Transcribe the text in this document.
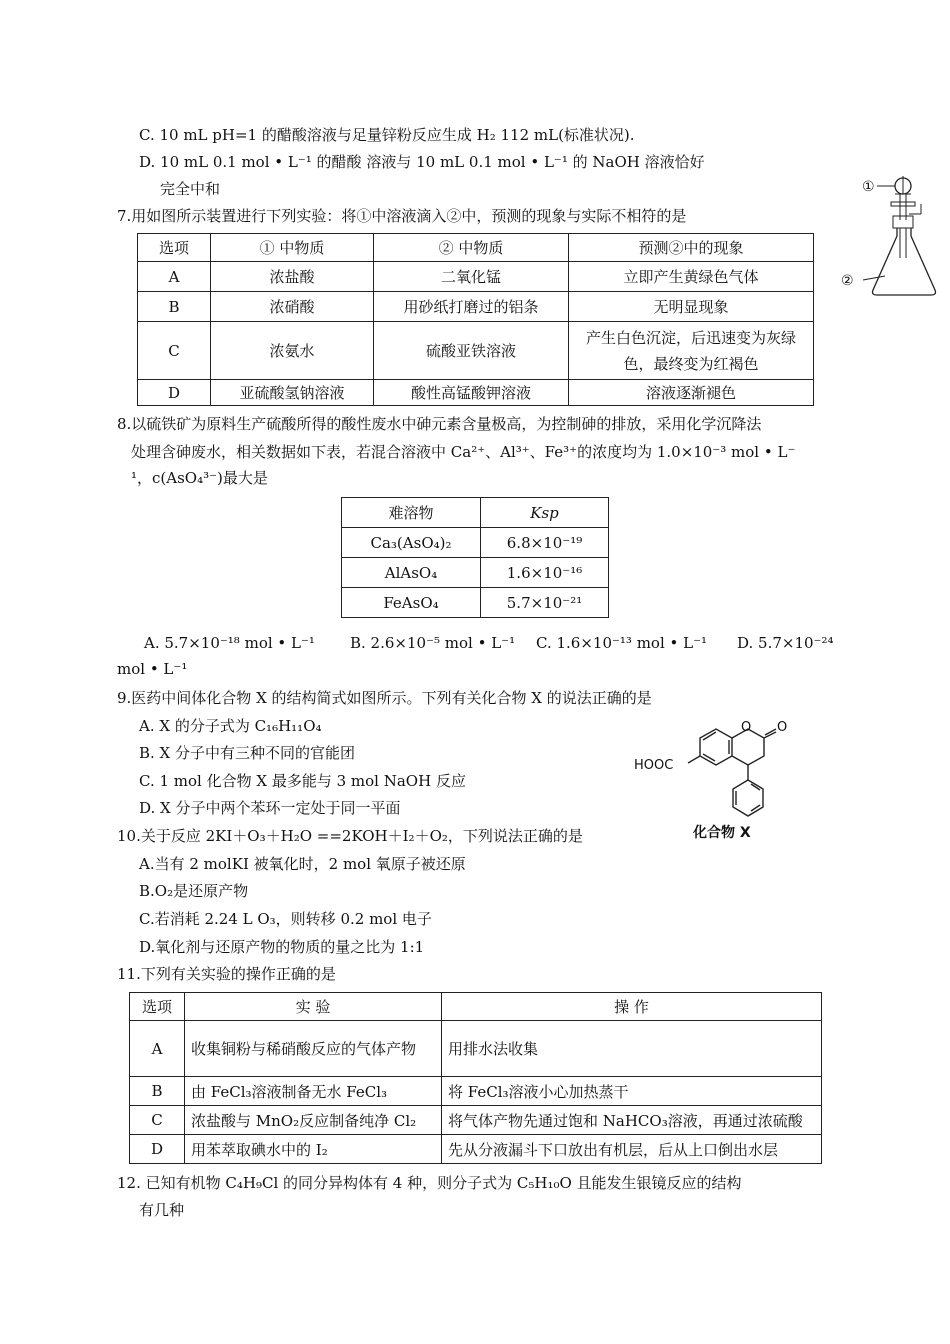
C. 10 mL pH=1 的醋酸溶液与足量锌粉反应生成 H₂ 112 mL(标准状况).
D. 10 mL 0.1 mol • L⁻¹ 的醋酸 溶液与 10 mL 0.1 mol • L⁻¹ 的 NaOH 溶液恰好
完全中和
7.用如图所示装置进行下列实验：将①中溶液滴入②中，预测的现象与实际不相符的是
①
②
选项	① 中物质	② 中物质	预测②中的现象
A	浓盐酸	二氧化锰	立即产生黄绿色气体
B	浓硝酸	用砂纸打磨过的铝条	无明显现象
C	浓氨水	硫酸亚铁溶液	产生白色沉淀，后迅速变为灰绿色，最终变为红褐色
D	亚硫酸氢钠溶液	酸性高锰酸钾溶液	溶液逐渐褪色
8.以硫铁矿为原料生产硫酸所得的酸性废水中砷元素含量极高，为控制砷的排放，采用化学沉降法
处理含砷废水，相关数据如下表，若混合溶液中 Ca²⁺、Al³⁺、Fe³⁺的浓度均为 1.0×10⁻³ mol • L⁻
¹，c(AsO₄³⁻)最大是
难溶物	Ksp
Ca₃(AsO₄)₂	6.8×10⁻¹⁹
AlAsO₄	1.6×10⁻¹⁶
FeAsO₄	5.7×10⁻²¹
A. 5.7×10⁻¹⁸ mol • L⁻¹ B. 2.6×10⁻⁵ mol • L⁻¹ C. 1.6×10⁻¹³ mol • L⁻¹ D. 5.7×10⁻²⁴
mol • L⁻¹
9.医药中间体化合物 X 的结构简式如图所示。下列有关化合物 X 的说法正确的是
A. X 的分子式为 C₁₆H₁₁O₄
B. X 分子中有三种不同的官能团
C. 1 mol 化合物 X 最多能与 3 mol NaOH 反应
D. X 分子中两个苯环一定处于同一平面
HOOC
O O
化合物 X
10.关于反应 2KI＋O₃＋H₂O ==2KOH＋I₂＋O₂，下列说法正确的是
A.当有 2 molKI 被氧化时，2 mol 氧原子被还原
B.O₂是还原产物
C.若消耗 2.24 L O₃，则转移 0.2 mol 电子
D.氧化剂与还原产物的物质的量之比为 1:1
11.下列有关实验的操作正确的是
选项	实 验	操 作
A	收集铜粉与稀硝酸反应的气体产物	用排水法收集
B	由 FeCl₃溶液制备无水 FeCl₃	将 FeCl₃溶液小心加热蒸干
C	浓盐酸与 MnO₂反应制备纯净 Cl₂	将气体产物先通过饱和 NaHCO₃溶液，再通过浓硫酸
D	用苯萃取碘水中的 I₂	先从分液漏斗下口放出有机层，后从上口倒出水层
12. 已知有机物 C₄H₉Cl 的同分异构体有 4 种，则分子式为 C₅H₁₀O 且能发生银镜反应的结构
有几种
